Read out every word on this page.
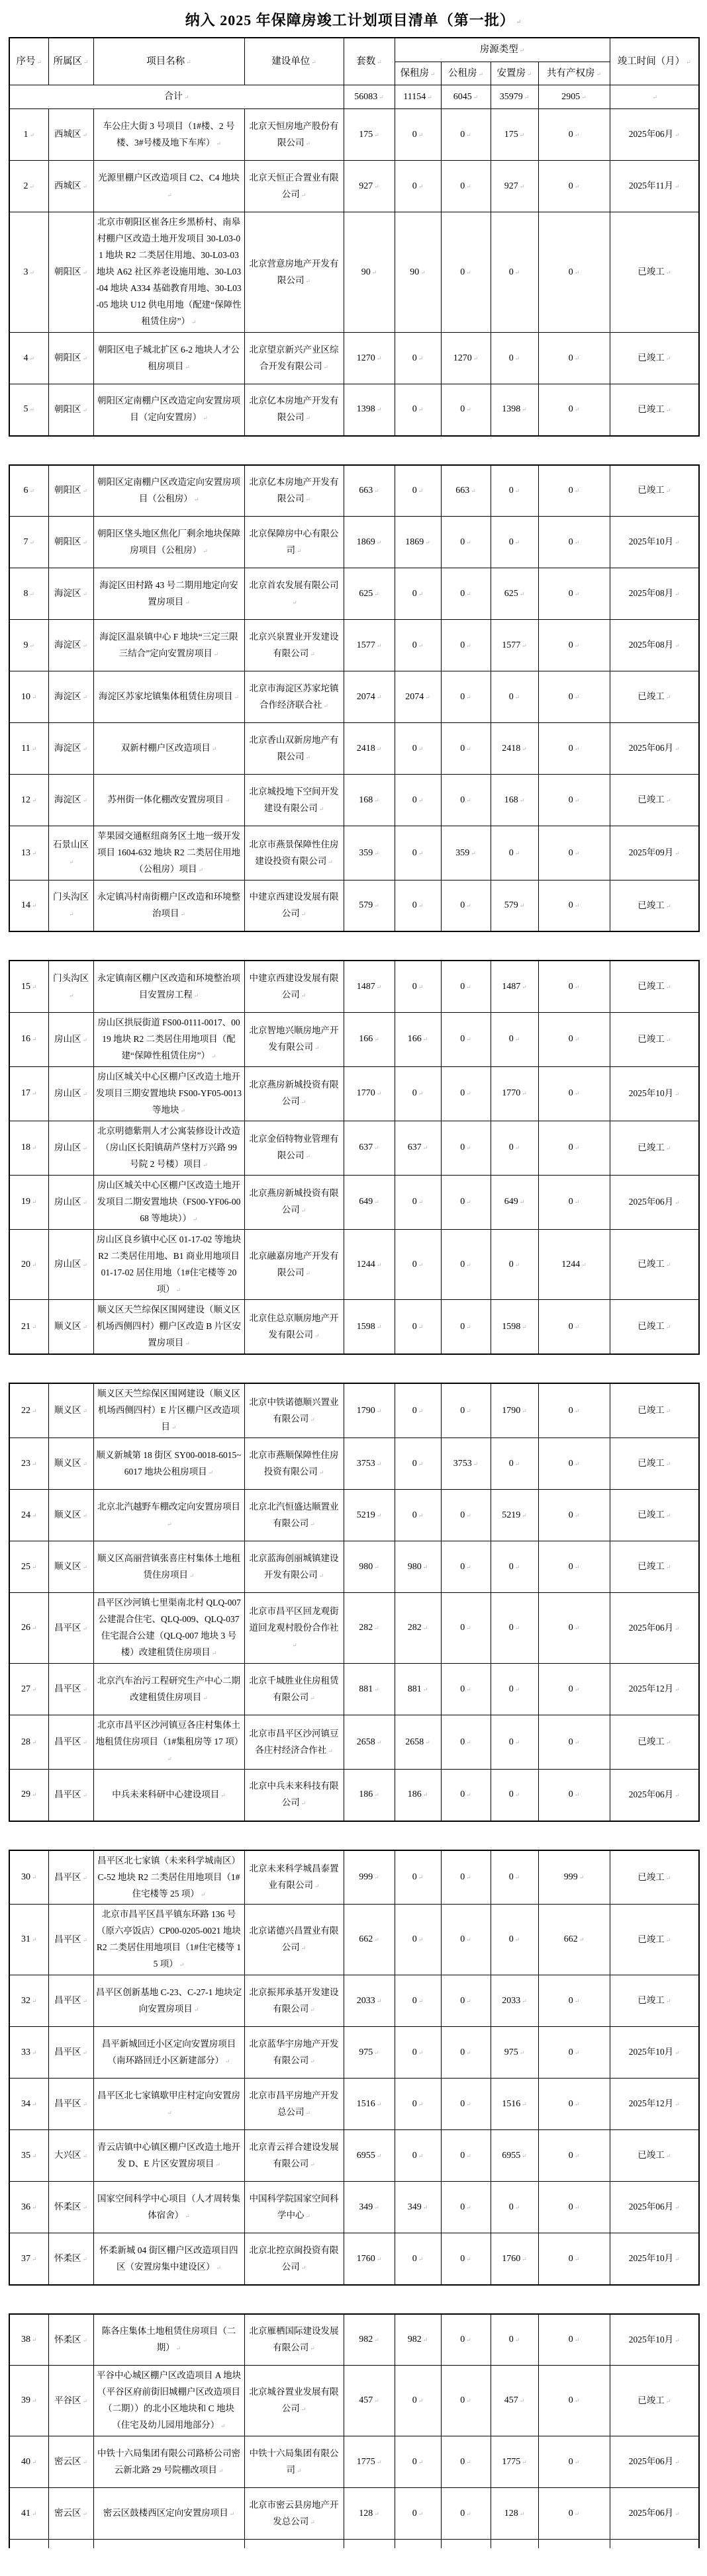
纳入 2025 年保障房竣工计划项目清单（第一批） ↵
序号 ↵	所属区 ↵	项目名称 ↵	建设单位 ↵	套数 ↵	房源类型 ↵				竣工时间（月） ↵
					保租房 ↵	公租房 ↵	安置房 ↵	共有产权房 ↵
合计 ↵				56083 ↵	11154 ↵	6045 ↵	35979 ↵	2905 ↵	↵
1 ↵	西城区 ↵	车公庄大街 3 号项目（1#楼、2 号楼、3#号楼及地下车库） ↵	北京天恒房地产股份有限公司 ↵	175 ↵	0 ↵	0 ↵	175 ↵	0 ↵	2025年06月 ↵
2 ↵	西城区 ↵	光源里棚户区改造项目 C2、C4 地块 ↵	北京天恒正合置业有限公司 ↵	927 ↵	0 ↵	0 ↵	927 ↵	0 ↵	2025年11月 ↵
3 ↵	朝阳区 ↵	北京市朝阳区崔各庄乡黑桥村、南皋村棚户区改造土地开发项目 30-L03-01 地块 R2 二类居住用地、30-L03-03 地块 A62 社区养老设施用地、30-L03-04 地块 A334 基础教育用地、30-L03-05 地块 U12 供电用地（配建“保障性租赁住房”） ↵	北京营意房地产开发有限公司 ↵	90 ↵	90 ↵	0 ↵	0 ↵	0 ↵	已竣工 ↵
4 ↵	朝阳区 ↵	朝阳区电子城北扩区 6-2 地块人才公租房项目 ↵	北京望京新兴产业区综合开发有限公司 ↵	1270 ↵	0 ↵	1270 ↵	0 ↵	0 ↵	已竣工 ↵
5 ↵	朝阳区 ↵	朝阳区定南棚户区改造定向安置房项目（定向安置房） ↵	北京亿本房地产开发有限公司 ↵	1398 ↵	0 ↵	0 ↵	1398 ↵	0 ↵	已竣工 ↵
6 ↵	朝阳区 ↵	朝阳区定南棚户区改造定向安置房项目（公租房） ↵	北京亿本房地产开发有限公司 ↵	663 ↵	0 ↵	663 ↵	0 ↵	0 ↵	已竣工 ↵
7 ↵	朝阳区 ↵	朝阳区垡头地区焦化厂剩余地块保障房项目（公租房） ↵	北京保障房中心有限公司 ↵	1869 ↵	1869 ↵	0 ↵	0 ↵	0 ↵	2025年10月 ↵
8 ↵	海淀区 ↵	海淀区田村路 43 号二期用地定向安置房项目 ↵	北京首农发展有限公司 ↵	625 ↵	0 ↵	0 ↵	625 ↵	0 ↵	2025年08月 ↵
9 ↵	海淀区 ↵	海淀区温泉镇中心 F 地块“三定三限三结合”定向安置房项目 ↵	北京兴泉置业开发建设有限公司 ↵	1577 ↵	0 ↵	0 ↵	1577 ↵	0 ↵	2025年08月 ↵
10 ↵	海淀区 ↵	海淀区苏家坨镇集体租赁住房项目 ↵	北京市海淀区苏家坨镇合作经济联合社 ↵	2074 ↵	2074 ↵	0 ↵	0 ↵	0 ↵	已竣工 ↵
11 ↵	海淀区 ↵	双新村棚户区改造项目 ↵	北京香山双新房地产有限公司 ↵	2418 ↵	0 ↵	0 ↵	2418 ↵	0 ↵	2025年06月 ↵
12 ↵	海淀区 ↵	苏州街一体化棚改安置房项目 ↵	北京城投地下空间开发建设有限公司 ↵	168 ↵	0 ↵	0 ↵	168 ↵	0 ↵	已竣工 ↵
13 ↵	石景山区 ↵	苹果园交通枢纽商务区土地一级开发项目 1604-632 地块 R2 二类居住用地（公租房）项目 ↵	北京市燕景保障性住房建设投资有限公司 ↵	359 ↵	0 ↵	359 ↵	0 ↵	0 ↵	2025年09月 ↵
14 ↵	门头沟区 ↵	永定镇冯村南街棚户区改造和环境整治项目 ↵	中建京西建设发展有限公司 ↵	579 ↵	0 ↵	0 ↵	579 ↵	0 ↵	已竣工 ↵
15 ↵	门头沟区 ↵	永定镇南区棚户区改造和环境整治项目安置房工程 ↵	中建京西建设发展有限公司 ↵	1487 ↵	0 ↵	0 ↵	1487 ↵	0 ↵	已竣工 ↵
16 ↵	房山区 ↵	房山区拱辰街道 FS00-0111-0017、0019 地块 R2 二类居住用地项目（配建“保障性租赁住房”） ↵	北京智地兴顺房地产开发有限公司 ↵	166 ↵	166 ↵	0 ↵	0 ↵	0 ↵	已竣工 ↵
17 ↵	房山区 ↵	房山区城关中心区棚户区改造土地开发项目三期安置地块 FS00-YF05-0013 等地块 ↵	北京燕房新城投资有限公司 ↵	1770 ↵	0 ↵	0 ↵	1770 ↵	0 ↵	2025年10月 ↵
18 ↵	房山区 ↵	北京明德紫荆人才公寓装修设计改造（房山区长阳镇葫芦垡村万兴路 99 号院 2 号楼）项目 ↵	北京金佰特物业管理有限公司 ↵	637 ↵	637 ↵	0 ↵	0 ↵	0 ↵	已竣工 ↵
19 ↵	房山区 ↵	房山区城关中心区棚户区改造土地开发项目二期安置地块（FS00-YF06-0068 等地块）） ↵	北京燕房新城投资有限公司 ↵	649 ↵	0 ↵	0 ↵	649 ↵	0 ↵	2025年06月 ↵
20 ↵	房山区 ↵	房山区良乡镇中心区 01-17-02 等地块 R2 二类居住用地、B1 商业用地项目 01-17-02 居住用地（1#住宅楼等 20 项） ↵	北京融嘉房地产开发有限公司 ↵	1244 ↵	0 ↵	0 ↵	0 ↵	1244 ↵	已竣工 ↵
21 ↵	顺义区 ↵	顺义区天竺综保区围网建设（顺义区机场西侧四村）棚户区改造 B 片区安置房项目 ↵	北京住总京顺房地产开发有限公司 ↵	1598 ↵	0 ↵	0 ↵	1598 ↵	0 ↵	已竣工 ↵
22 ↵	顺义区 ↵	顺义区天竺综保区围网建设（顺义区机场西侧四村）E 片区棚户区改造项目 ↵	北京中铁诺德顺兴置业有限公司 ↵	1790 ↵	0 ↵	0 ↵	1790 ↵	0 ↵	已竣工 ↵
23 ↵	顺义区 ↵	顺义新城第 18 街区 SY00-0018-6015~6017 地块公租房项目 ↵	北京市燕顺保障性住房投资有限公司 ↵	3753 ↵	0 ↵	3753 ↵	0 ↵	0 ↵	已竣工 ↵
24 ↵	顺义区 ↵	北京北汽越野车棚改定向安置房项目 ↵	北京北汽恒盛达顺置业有限公司 ↵	5219 ↵	0 ↵	0 ↵	5219 ↵	0 ↵	已竣工 ↵
25 ↵	顺义区 ↵	顺义区高丽营镇张喜庄村集体土地租赁住房项目 ↵	北京蓝海创丽城镇建设开发有限公司 ↵	980 ↵	980 ↵	0 ↵	0 ↵	0 ↵	已竣工 ↵
26 ↵	昌平区 ↵	昌平区沙河镇七里渠南北村 QLQ-007 公建混合住宅、QLQ-009、QLQ-037 住宅混合公建（QLQ-007 地块 3 号楼）改建租赁住房项目 ↵	北京市昌平区回龙观街道回龙观村股份合作社 ↵	282 ↵	282 ↵	0 ↵	0 ↵	0 ↵	2025年06月 ↵
27 ↵	昌平区 ↵	北京汽车治污工程研究生产中心二期改建租赁住房项目 ↵	北京千城胜业住房租赁有限公司 ↵	881 ↵	881 ↵	0 ↵	0 ↵	0 ↵	2025年12月 ↵
28 ↵	昌平区 ↵	北京市昌平区沙河镇豆各庄村集体土地租赁住房项目（1#集租房等 17 项） ↵	北京市昌平区沙河镇豆各庄村经济合作社 ↵	2658 ↵	2658 ↵	0 ↵	0 ↵	0 ↵	已竣工 ↵
29 ↵	昌平区 ↵	中兵未来科研中心建设项目 ↵	北京中兵未来科技有限公司 ↵	186 ↵	186 ↵	0 ↵	0 ↵	0 ↵	2025年06月 ↵
30 ↵	昌平区 ↵	昌平区北七家镇（未来科学城南区）C-52 地块 R2 二类居住用地项目（1#住宅楼等 25 项） ↵	北京未来科学城昌泰置业有限公司 ↵	999 ↵	0 ↵	0 ↵	0 ↵	999 ↵	已竣工 ↵
31 ↵	昌平区 ↵	北京市昌平区昌平镇东环路 136 号（原六亭饭店）CP00-0205-0021 地块 R2 二类居住用地项目（1#住宅楼等 15 项） ↵	北京诺德兴昌置业有限公司 ↵	662 ↵	0 ↵	0 ↵	0 ↵	662 ↵	已竣工 ↵
32 ↵	昌平区 ↵	昌平区创新基地 C-23、C-27-1 地块定向安置房项目 ↵	北京振邦承基开发建设有限公司 ↵	2033 ↵	0 ↵	0 ↵	2033 ↵	0 ↵	已竣工 ↵
33 ↵	昌平区 ↵	昌平新城回迁小区定向安置房项目（南环路回迁小区新建部分） ↵	北京蓝华宇房地产开发有限公司 ↵	975 ↵	0 ↵	0 ↵	975 ↵	0 ↵	2025年10月 ↵
34 ↵	昌平区 ↵	昌平区北七家镇歇甲庄村定向安置房 ↵	北京市昌平房地产开发总公司 ↵	1516 ↵	0 ↵	0 ↵	1516 ↵	0 ↵	2025年12月 ↵
35 ↵	大兴区 ↵	青云店镇中心镇区棚户区改造土地开发 D、E 片区安置房项目 ↵	北京青云祥合建设发展有限公司 ↵	6955 ↵	0 ↵	0 ↵	6955 ↵	0 ↵	已竣工 ↵
36 ↵	怀柔区 ↵	国家空间科学中心项目（人才周转集体宿舍） ↵	中国科学院国家空间科学中心 ↵	349 ↵	349 ↵	0 ↵	0 ↵	0 ↵	2025年06月 ↵
37 ↵	怀柔区 ↵	怀柔新城 04 街区棚户区改造项目四区（安置房集中建设区） ↵	北京北控京闽投资有限公司 ↵	1760 ↵	0 ↵	0 ↵	1760 ↵	0 ↵	2025年10月 ↵
38 ↵	怀柔区 ↵	陈各庄集体土地租赁住房项目（二期） ↵	北京雁栖国际建设发展有限公司 ↵	982 ↵	982 ↵	0 ↵	0 ↵	0 ↵	2025年10月 ↵
39 ↵	平谷区 ↵	平谷中心城区棚户区改造项目 A 地块（平谷区府前街旧城棚户区改造项目（二期））的北小区地块和 C 地块（住宅及幼儿园用地部分） ↵	北京城谷置业发展有限公司 ↵	457 ↵	0 ↵	0 ↵	457 ↵	0 ↵	已竣工 ↵
40 ↵	密云区 ↵	中铁十六局集团有限公司路桥公司密云新北路 29 号院棚改项目 ↵	中铁十六局集团有限公司 ↵	1775 ↵	0 ↵	0 ↵	1775 ↵	0 ↵	2025年06月 ↵
41 ↵	密云区 ↵	密云区鼓楼西区定向安置房项目 ↵	北京市密云县房地产开发总公司 ↵	128 ↵	0 ↵	0 ↵	128 ↵	0 ↵	2025年06月 ↵
